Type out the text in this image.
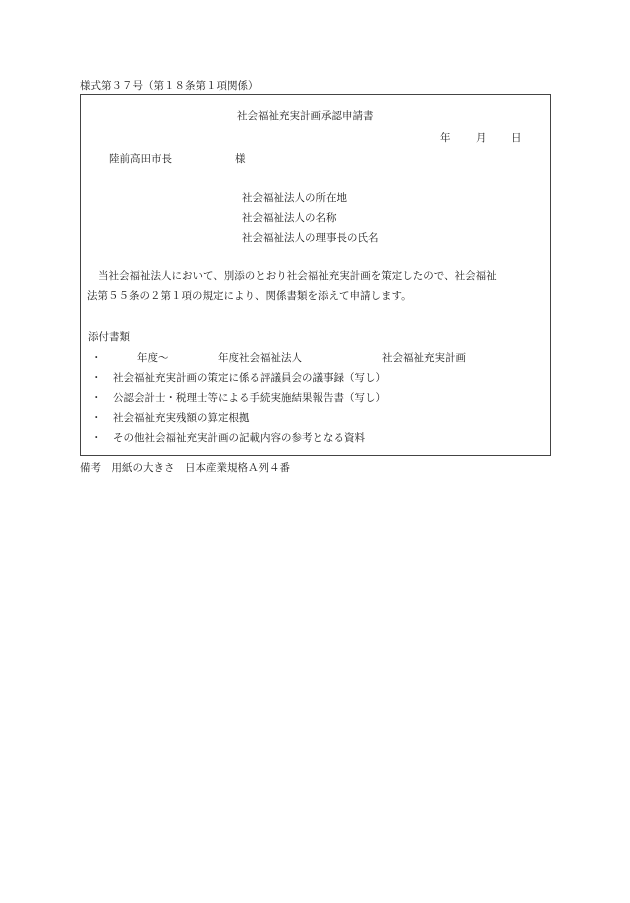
様式第３７号（第１８条第１項関係）
社会福祉充実計画承認申請書
年 月 日
陸前高田市長	様
社会福祉法人の所在地
社会福祉法人の名称
社会福祉法人の理事長の氏名
当社会福祉法人において、別添のとおり社会福祉充実計画を策定したので、社会福祉
法第５５条の２第１項の規定により、関係書類を添えて申請します。
添付書類
・	年度～	年度社会福祉法人	社会福祉充実計画
・ 社会福祉充実計画の策定に係る評議員会の議事録（写し）
・ 公認会計士・税理士等による手続実施結果報告書（写し）
・ 社会福祉充実残額の算定根拠
・ その他社会福祉充実計画の記載内容の参考となる資料
備考　用紙の大きさ　日本産業規格Ａ列４番
